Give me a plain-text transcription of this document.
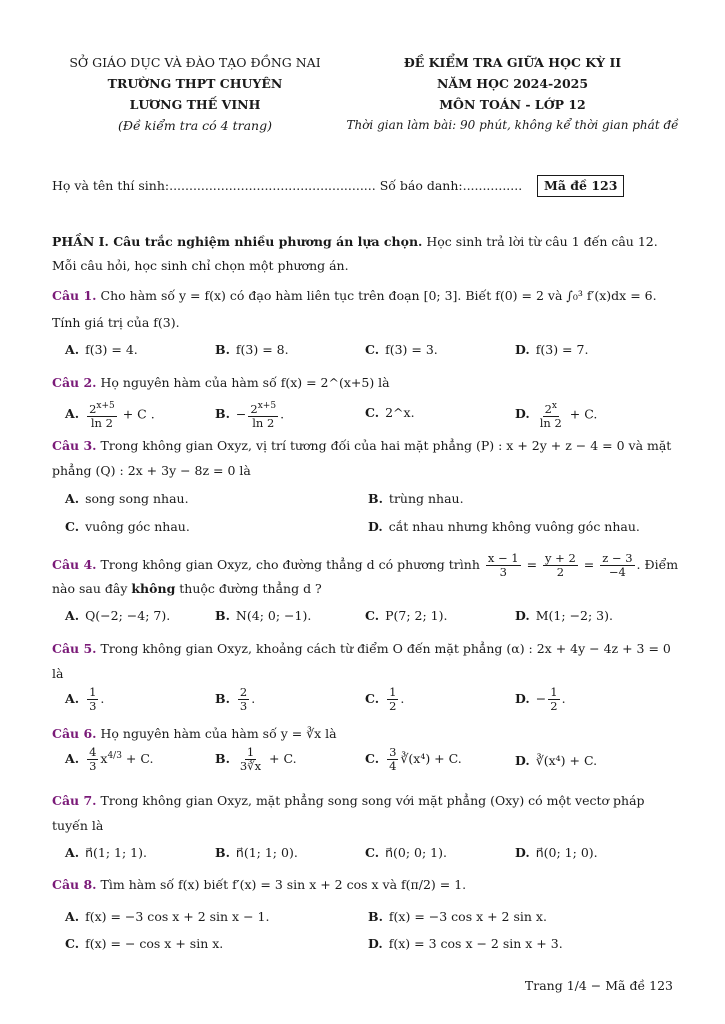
SỞ GIÁO DỤC VÀ ĐÀO TẠO ĐỒNG NAI
TRƯỜNG THPT CHUYÊN
LƯƠNG THẾ VINH
(Đề kiểm tra có 4 trang)
ĐỀ KIỂM TRA GIỮA HỌC KỲ II
NĂM HỌC 2024-2025
MÔN TOÁN - LỚP 12
Thời gian làm bài: 90 phút, không kể thời gian phát đề
Họ và tên thí sinh:.................................................... Số báo danh:...............	Mã đề 123
PHẦN I. Câu trắc nghiệm nhiều phương án lựa chọn. Học sinh trả lời từ câu 1 đến câu 12.
Mỗi câu hỏi, học sinh chỉ chọn một phương án.
Câu 1. Cho hàm số y = f(x) có đạo hàm liên tục trên đoạn [0; 3]. Biết f(0) = 2 và ∫₀³ f′(x)dx = 6.
Tính giá trị của f(3).
A. f(3) = 4.	B. f(3) = 8.	C. f(3) = 3.	D. f(3) = 7.
Câu 2. Họ nguyên hàm của hàm số f(x) = 2^(x+5) là
A. $\frac{2^{x+5}}{\ln 2} + C$ .	B. − $\frac{2^{x+5}}{\ln 2}$ .	C. 2^x.	D. $\frac{2^x}{\ln 2} + C$.
Câu 3. Trong không gian Oxyz, vị trí tương đối của hai mặt phẳng (P) : x + 2y + z − 4 = 0 và mặt
phẳng (Q) : 2x + 3y − 8z = 0 là
A. song song nhau.	B. trùng nhau.
C. vuông góc nhau.	D. cắt nhau nhưng không vuông góc nhau.
Câu 4. Trong không gian Oxyz, cho đường thẳng d có phương trình $\frac{x - 1}{3} = \frac{y + 2}{2} = \frac{z - 3}{-4}$ . Điểm
nào sau đây không thuộc đường thẳng d ?
A. Q(−2; −4; 7).	B. N(4; 0; −1).	C. P(7; 2; 1).	D. M(1; −2; 3).
Câu 5. Trong không gian Oxyz, khoảng cách từ điểm O đến mặt phẳng (α) : 2x + 4y − 4z + 3 = 0
là
A. $\frac{1}{3}$ .	B. $\frac{2}{3}$ .	C. $\frac{1}{2}$ .	D. − $\frac{1}{2}$ .
Câu 6. Họ nguyên hàm của hàm số y = ∛x là
A. $\frac{4}{3} x^{4/3} + C$.	B. $\frac{1}{3∛x} + C$.	C. $\frac{3}{4}$ ∛(x⁴) + C.	D. ∛(x⁴) + C.
Câu 7. Trong không gian Oxyz, mặt phẳng song song với mặt phẳng (Oxy) có một vectơ pháp
tuyến là
A. n⃗(1; 1; 1).	B. n⃗(1; 1; 0).	C. n⃗(0; 0; 1).	D. n⃗(0; 1; 0).
Câu 8. Tìm hàm số f(x) biết f′(x) = 3 sin x + 2 cos x và f(π/2) = 1.
A. f(x) = −3 cos x + 2 sin x − 1.	B. f(x) = −3 cos x + 2 sin x.
C. f(x) = − cos x + sin x.	D. f(x) = 3 cos x − 2 sin x + 3.
Trang 1/4 − Mã đề 123
